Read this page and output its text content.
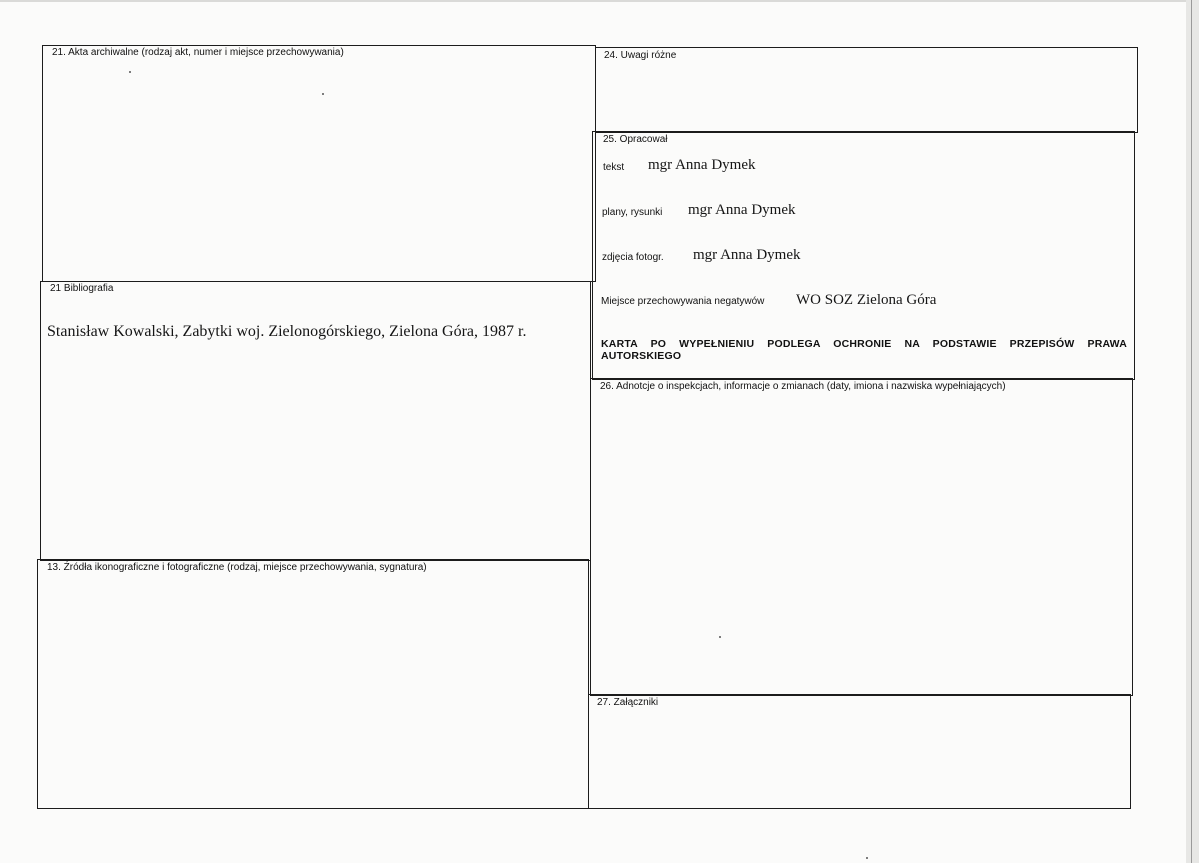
21. Akta archiwalne (rodzaj akt, numer i miejsce przechowywania)
21 Bibliografia
Stanisław Kowalski, Zabytki woj. Zielonogórskiego, Zielona Góra, 1987 r.
13. Źródła ikonograficzne i fotograficzne (rodzaj, miejsce przechowywania, sygnatura)
24. Uwagi różne
25. Opracował
tekst mgr Anna Dymek
plany, rysunki mgr Anna Dymek
zdjęcia fotogr. mgr Anna Dymek
Miejsce przechowywania negatywów WO SOZ Zielona Góra
KARTA PO WYPEŁNIENIU PODLEGA OCHRONIE NA PODSTAWIE PRZEPISÓW PRAWA AUTORSKIEGO
26. Adnotcje o inspekcjach, informacje o zmianach (daty, imiona i nazwiska wypełniających)
27. Załączniki
